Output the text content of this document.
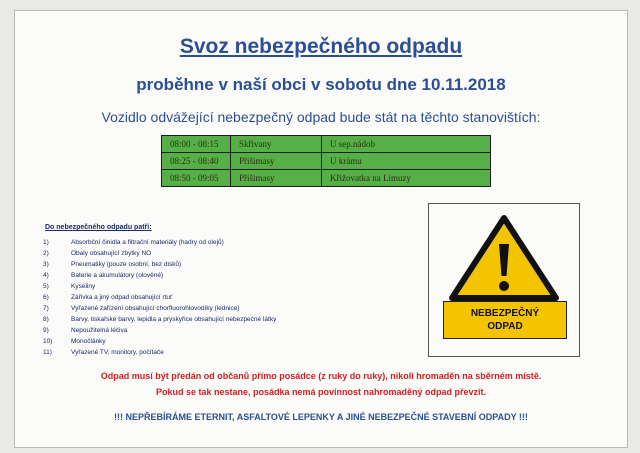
Svoz nebezpečného odpadu
proběhne v naší obci v sobotu dne 10.11.2018
Vozidlo odvážející nebezpečný odpad bude stát na těchto stanovištích:
08:00 - 08:15	Skřivany	U sep.nádob
08:25 - 08:40	Přišimasy	U krámu
08:50 - 09:05	Přišimasy	Křižovatka na Limuzy
Do nebezpečného odpadu patří:
1)	Absorbční činidla a filtrační materiály (hadry od olejů)
2)	Obaly obsahující zbytky NO
3)	Pneumatiky (pouze osobní, bez disků)
4)	Baterie a akumulátory (olověné)
5)	Kyseliny
6)	Zářivka a jiný odpad obsahující rtuť
7)	Vyřazené zařízení obsahující chorfluorohlovodíky (lednice)
8)	Barvy, tiskařské barvy, lepidla a pryskyřice obsahující nebezpečné látky
9)	Nepoužitelná léčiva
10)	Monočlánky
11)	Vyřazené TV, monitory, počítače
NEBEZPEČNÝ
ODPAD
Odpad musí být předán od občanů přímo posádce (z ruky do ruky), nikoli hromaděn na sběrném místě.
Pokud se tak nestane, posádka nemá povinnost nahromaděný odpad převzít.
!!! NEPŘEBÍRÁME ETERNIT, ASFALTOVÉ LEPENKY A JINÉ NEBEZPEČNÉ STAVEBNÍ ODPADY !!!
